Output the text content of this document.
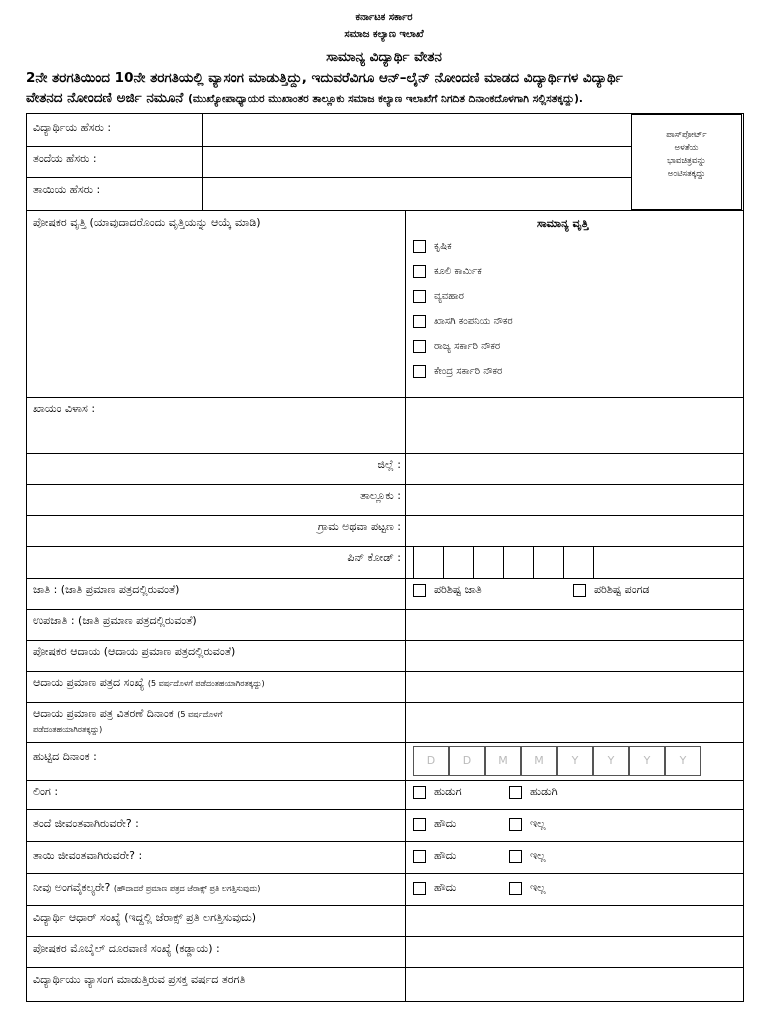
ಕರ್ನಾಟಕ ಸರ್ಕಾರ
ಸಮಾಜ ಕಲ್ಯಾಣ ಇಲಾಖೆ
ಸಾಮಾನ್ಯ ವಿದ್ಯಾರ್ಥಿ ವೇತನ
2ನೇ ತರಗತಿಯಿಂದ 10ನೇ ತರಗತಿಯಲ್ಲಿ ವ್ಯಾಸಂಗ ಮಾಡುತ್ತಿದ್ದು, ಇದುವರೆವಿಗೂ ಆನ್–ಲೈನ್ ನೋಂದಣಿ ಮಾಡದ ವಿದ್ಯಾರ್ಥಿಗಳ ವಿದ್ಯಾರ್ಥಿ
ವೇತನದ ನೋಂದಣಿ ಅರ್ಜಿ ನಮೂನೆ (ಮುಖ್ಯೋಪಾಧ್ಯಾಯರ ಮುಖಾಂತರ ತಾಲ್ಲೂಕು ಸಮಾಜ ಕಲ್ಯಾಣ ಇಲಾಖೆಗೆ ನಿಗದಿತ ದಿನಾಂಕದೊಳಗಾಗಿ ಸಲ್ಲಿಸತಕ್ಕದ್ದು).
ವಿದ್ಯಾರ್ಥಿಯ ಹೆಸರು :
ತಂದೆಯ ಹೆಸರು :
ತಾಯಿಯ ಹೆಸರು :
ಪಾಸ್‌ಪೋರ್ಟ್
ಅಳತೆಯ
ಭಾವಚಿತ್ರವನ್ನು
ಅಂಟಿಸತಕ್ಕದ್ದು
ಪೋಷಕರ ವೃತ್ತಿ (ಯಾವುದಾದರೊಂದು ವೃತ್ತಿಯನ್ನು ಆಯ್ಕೆ ಮಾಡಿ)	ಸಾಮಾನ್ಯ ವೃತ್ತಿ
ಕೃಷಿಕ
ಕೂಲಿ ಕಾರ್ಮಿಕ
ವ್ಯವಹಾರ
ಖಾಸಗಿ ಕಂಪನಿಯ ನೌಕರ
ರಾಜ್ಯ ಸರ್ಕಾರಿ ನೌಕರ
ಕೇಂದ್ರ ಸರ್ಕಾರಿ ನೌಕರ
ಖಾಯಂ ವಿಳಾಸ :
ಜಿಲ್ಲೆ :
ತಾಲ್ಲೂಕು :
ಗ್ರಾಮ ಅಥವಾ ಪಟ್ಟಣ :
ಪಿನ್ ಕೋಡ್ :
ಜಾತಿ : (ಜಾತಿ ಪ್ರಮಾಣ ಪತ್ರದಲ್ಲಿರುವಂತೆ)	ಪರಿಶಿಷ್ಟ ಜಾತಿ	ಪರಿಶಿಷ್ಟ ಪಂಗಡ
ಉಪಜಾತಿ : (ಜಾತಿ ಪ್ರಮಾಣ ಪತ್ರದಲ್ಲಿರುವಂತೆ)
ಪೋಷಕರ ಆದಾಯ (ಆದಾಯ ಪ್ರಮಾಣ ಪತ್ರದಲ್ಲಿರುವಂತೆ)
ಆದಾಯ ಪ್ರಮಾಣ ಪತ್ರದ ಸಂಖ್ಯೆ (5 ವರ್ಷದೊಳಗೆ ಪಡೆದಂತಹಯಾಗಿರತಕ್ಕದ್ದು)
ಆದಾಯ ಪ್ರಮಾಣ ಪತ್ರ ವಿತರಣೆ ದಿನಾಂಕ (5 ವರ್ಷದೊಳಗೆ
ಪಡೆದಂತಹಯಾಗಿರತಕ್ಕದ್ದು)
ಹುಟ್ಟಿದ ದಿನಾಂಕ :	D	D	M	M	Y	Y	Y	Y
ಲಿಂಗ :	ಹುಡುಗ	ಹುಡುಗಿ
ತಂದೆ ಜೀವಂತವಾಗಿರುವರೇ? :	ಹೌದು	ಇಲ್ಲ
ತಾಯಿ ಜೀವಂತವಾಗಿರುವರೇ? :	ಹೌದು	ಇಲ್ಲ
ನೀವು ಅಂಗವೈಕಲ್ಯರೇ? (ಹೌದಾದರೆ ಪ್ರಮಾಣ ಪತ್ರದ ಜೆರಾಕ್ಸ್ ಪ್ರತಿ ಲಗತ್ತಿಸುವುದು)	ಹೌದು	ಇಲ್ಲ
ವಿದ್ಯಾರ್ಥಿ ಆಧಾರ್ ಸಂಖ್ಯೆ (ಇದ್ದಲ್ಲಿ ಜೆರಾಕ್ಸ್ ಪ್ರತಿ ಲಗತ್ತಿಸುವುದು)
ಪೋಷಕರ ಮೊಬೈಲ್ ದೂರವಾಣಿ ಸಂಖ್ಯೆ (ಕಡ್ಡಾಯ) :
ವಿದ್ಯಾರ್ಥಿಯು ವ್ಯಾಸಂಗ ಮಾಡುತ್ತಿರುವ ಪ್ರಸಕ್ತ ವರ್ಷದ ತರಗತಿ
